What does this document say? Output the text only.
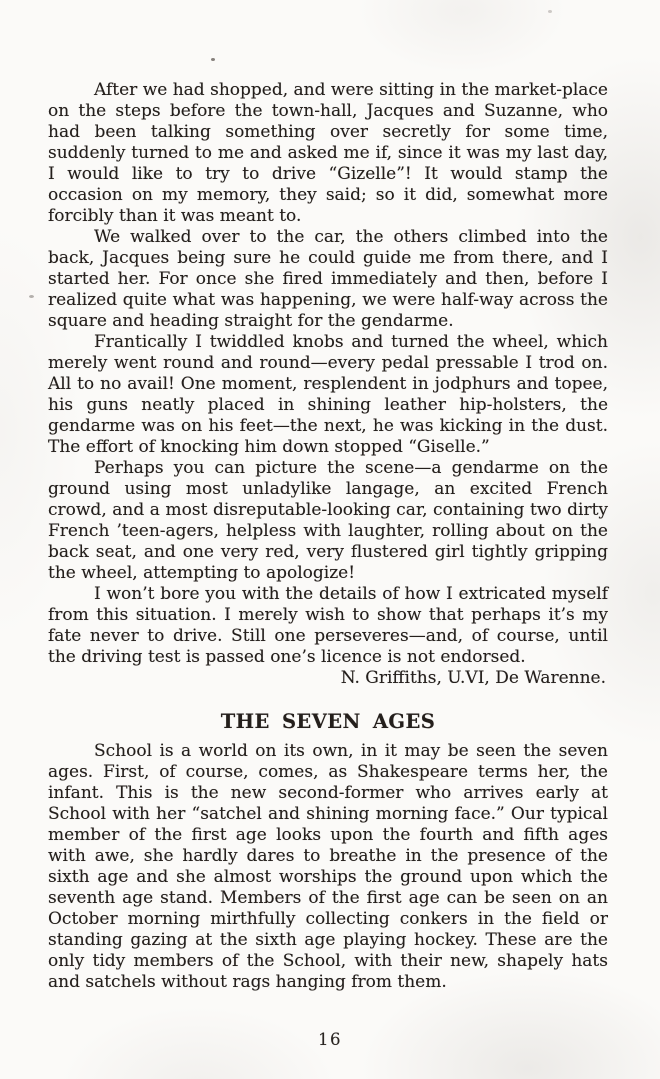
After we had shopped, and were sitting in the market-place on the steps before the town-hall, Jacques and Suzanne, who had been talking something over secretly for some time, suddenly turned to me and asked me if, since it was my last day, I would like to try to drive “Gizelle”! It would stamp the occasion on my memory, they said; so it did, somewhat more forcibly than it was meant to.

We walked over to the car, the others climbed into the back, Jacques being sure he could guide me from there, and I started her. For once she fired immediately and then, before I realized quite what was happening, we were half-way across the square and heading straight for the gendarme.

Frantically I twiddled knobs and turned the wheel, which merely went round and round—every pedal pressable I trod on. All to no avail! One moment, resplendent in jodphurs and topee, his guns neatly placed in shining leather hip-holsters, the gendarme was on his feet—the next, he was kicking in the dust. The effort of knocking him down stopped “Giselle.”

Perhaps you can picture the scene—a gendarme on the ground using most unladylike langage, an excited French crowd, and a most disreputable-looking car, containing two dirty French ’teen-agers, helpless with laughter, rolling about on the back seat, and one very red, very flustered girl tightly gripping the wheel, attempting to apologize!

I won’t bore you with the details of how I extricated myself from this situation. I merely wish to show that perhaps it’s my fate never to drive. Still one perseveres—and, of course, until the driving test is passed one’s licence is not endorsed.

N. Griffiths, U.VI, De Warenne.

THE SEVEN AGES

School is a world on its own, in it may be seen the seven ages. First, of course, comes, as Shakespeare terms her, the infant. This is the new second-former who arrives early at School with her “satchel and shining morning face.” Our typical member of the first age looks upon the fourth and fifth ages with awe, she hardly dares to breathe in the presence of the sixth age and she almost worships the ground upon which the seventh age stand. Members of the first age can be seen on an October morning mirthfully collecting conkers in the field or standing gazing at the sixth age playing hockey. These are the only tidy members of the School, with their new, shapely hats and satchels without rags hanging from them.

16
